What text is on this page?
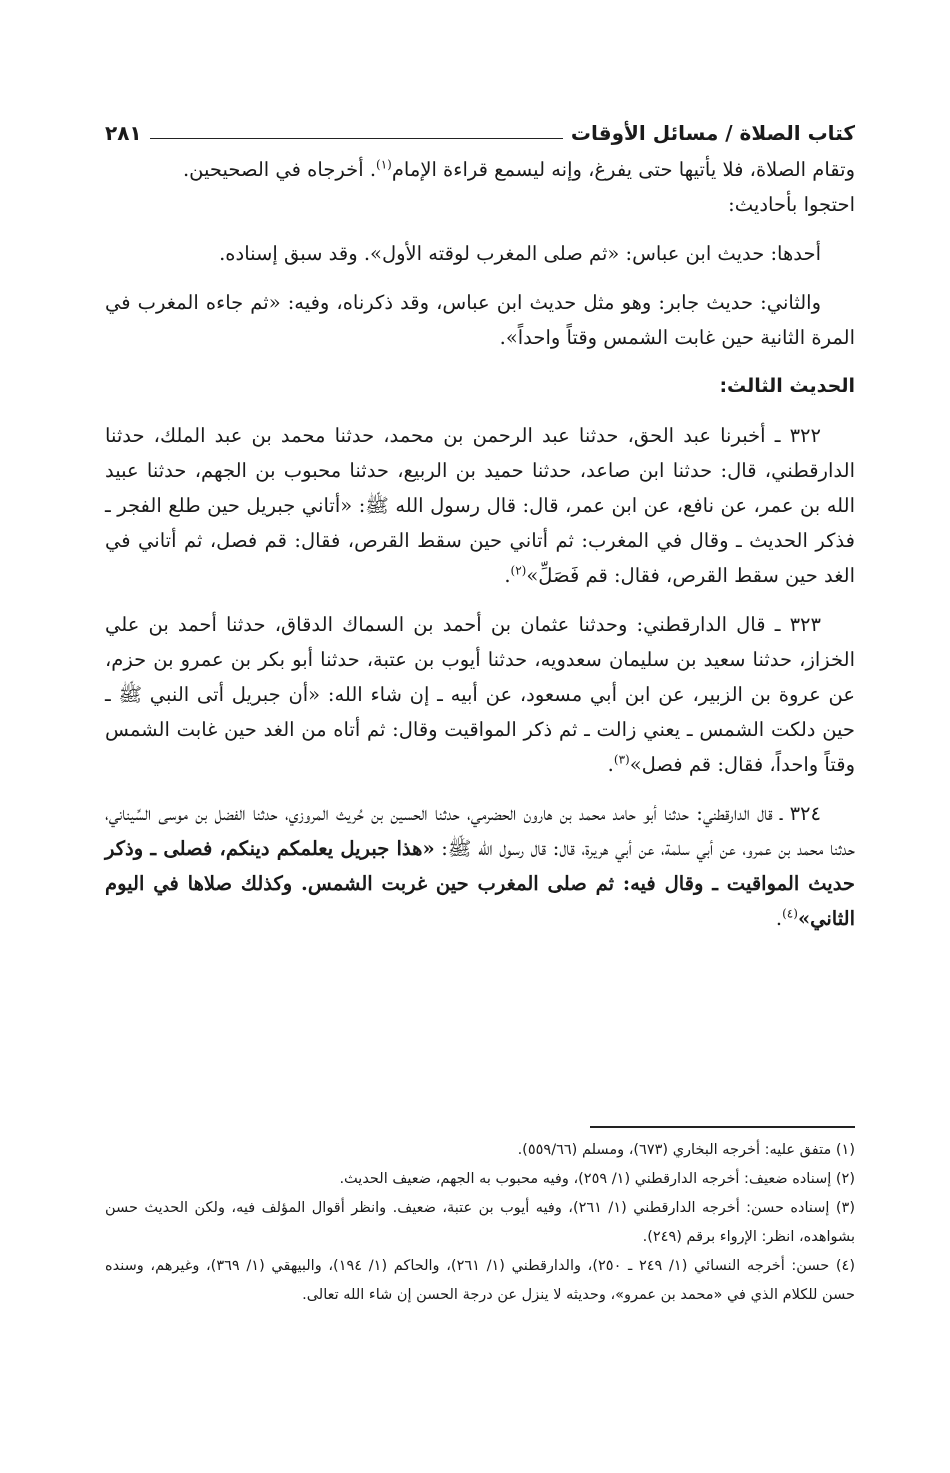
كتاب الصلاة / مسائل الأوقات
٢٨١

وتقام الصلاة، فلا يأتيها حتى يفرغ، وإنه ليسمع قراءة الإمام$^{(١)}$. أخرجاه في الصحيحين.

احتجوا بأحاديث:

أحدها: حديث ابن عباس: «ثم صلى المغرب لوقته الأول». وقد سبق إسناده.

والثاني: حديث جابر: وهو مثل حديث ابن عباس، وقد ذكرناه، وفيه: «ثم جاءه المغرب في المرة الثانية حين غابت الشمس وقتاً واحداً».

الحديث الثالث:

٣٢٢ ـ أخبرنا عبد الحق، حدثنا عبد الرحمن بن محمد، حدثنا محمد بن عبد الملك، حدثنا الدارقطني، قال: حدثنا ابن صاعد، حدثنا حميد بن الربيع، حدثنا محبوب بن الجهم، حدثنا عبيد الله بن عمر، عن نافع، عن ابن عمر، قال: قال رسول الله ﷺ: «أتاني جبريل حين طلع الفجر ـ فذكر الحديث ـ وقال في المغرب: ثم أتاني حين سقط القرص، فقال: قم فصل، ثم أتاني في الغد حين سقط القرص، فقال: قم فَصَلِّ»$^{(٢)}$.

٣٢٣ ـ قال الدارقطني: وحدثنا عثمان بن أحمد بن السماك الدقاق، حدثنا أحمد بن علي الخزاز، حدثنا سعيد بن سليمان سعدويه، حدثنا أيوب بن عتبة، حدثنا أبو بكر بن عمرو بن حزم، عن عروة بن الزبير، عن ابن أبي مسعود، عن أبيه ـ إن شاء الله: «أن جبريل أتى النبي ﷺ ـ حين دلكت الشمس ـ يعني زالت ـ ثم ذكر المواقيت وقال: ثم أتاه من الغد حين غابت الشمس وقتاً واحداً، فقال: قم فصل»$^{(٣)}$.

٣٢٤ ـ قال الدارقطني: حدثنا أبو حامد محمد بن هارون الحضرمي، حدثنا الحسين بن حُريث المروزي، حدثنا الفضل بن موسى السِّيناني، حدثنا محمد بن عمرو، عن أبي سلمة، عن أبي هريرة، قال: قال رسول الله ﷺ: «هذا جبريل يعلمكم دينكم، فصلى ـ وذكر حديث المواقيت ـ وقال فيه: ثم صلى المغرب حين غربت الشمس. وكذلك صلاها في اليوم الثاني»$^{(٤)}$.

(١) متفق عليه: أخرجه البخاري (٦٧٣)، ومسلم (٥٥٩/٦٦).

(٢) إسناده ضعيف: أخرجه الدارقطني (١/ ٢٥٩)، وفيه محبوب به الجهم، ضعيف الحديث.

(٣) إسناده حسن: أخرجه الدارقطني (١/ ٢٦١)، وفيه أيوب بن عتبة، ضعيف. وانظر أقوال المؤلف فيه، ولكن الحديث حسن بشواهده، انظر: الإرواء برقم (٢٤٩).

(٤) حسن: أخرجه النسائي (١/ ٢٤٩ ـ ٢٥٠)، والدارقطني (١/ ٢٦١)، والحاكم (١/ ١٩٤)، والبيهقي (١/ ٣٦٩)، وغيرهم، وسنده حسن للكلام الذي في «محمد بن عمرو»، وحديثه لا ينزل عن درجة الحسن إن شاء الله تعالى.
